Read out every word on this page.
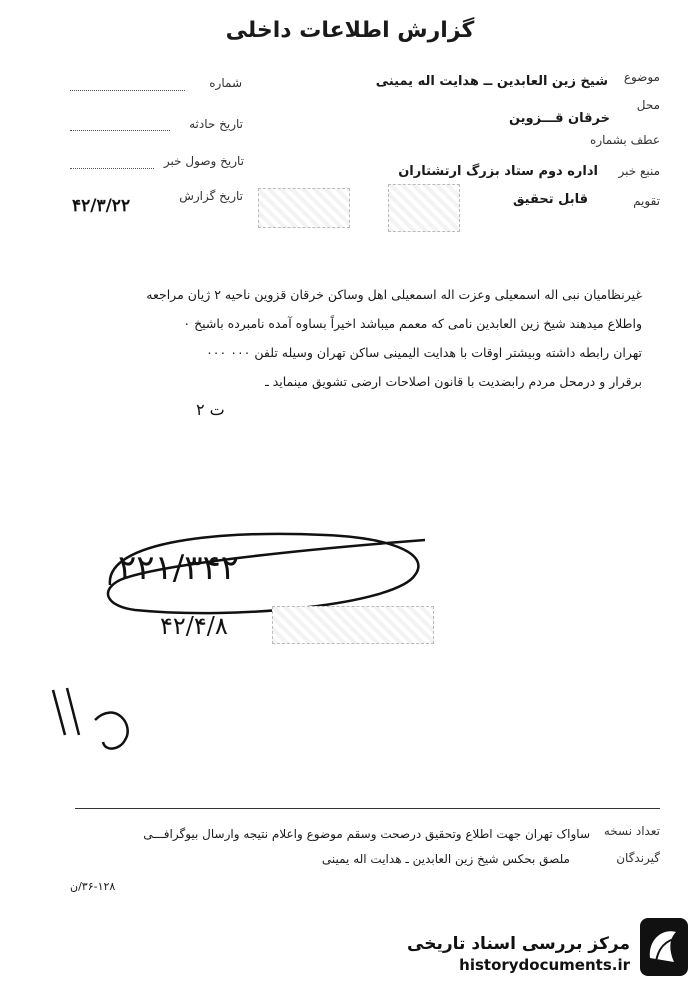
گزارش اطلاعات داخلی
شماره
تاریخ حادثه
تاریخ وصول خبر
تاریخ گزارش
۴۲/۳/۲۲
موضوع
شیخ زین العابدین ــ هدایت اله یمینی
محل
خرقان قـــزوین
عطف بشماره
منبع خبر
اداره دوم ستاد بزرگ ارتشتاران
تقویم
قابل تحقیق
غیرنظامیان نبی اله اسمعیلی وعزت اله اسمعیلی اهل وساکن خرقان قزوین ناحیه ۲ ژیان مراجعه
واطلاع میدهند شیخ زین العابدین نامی که معمم میباشد اخیراً بساوه آمده نامبرده باشیخ ۰
تهران رابطه داشته وبیشتر اوقات با هدایت الیمینی ساکن تهران وسیله تلفن ۰۰۰ ۰۰۰
برقرار و درمحل مردم رابضدیت با قانون اصلاحات ارضی تشویق مینماید ـ
ت ۲
۲۲۱/۳۴۲
۴۲/۴/۸
۱۱
تعداد نسخه
ساواک تهران جهت اطلاع وتحقیق درصحت وسقم موضوع واعلام نتیجه وارسال بیوگرافـــی
گیرندگان
ملصق بحکس شیخ زین العابدین ـ هدایت اله یمینی
۳۶-۱۲۸/ن
مرکز بررسی اسناد تاریخی
historydocuments.ir
